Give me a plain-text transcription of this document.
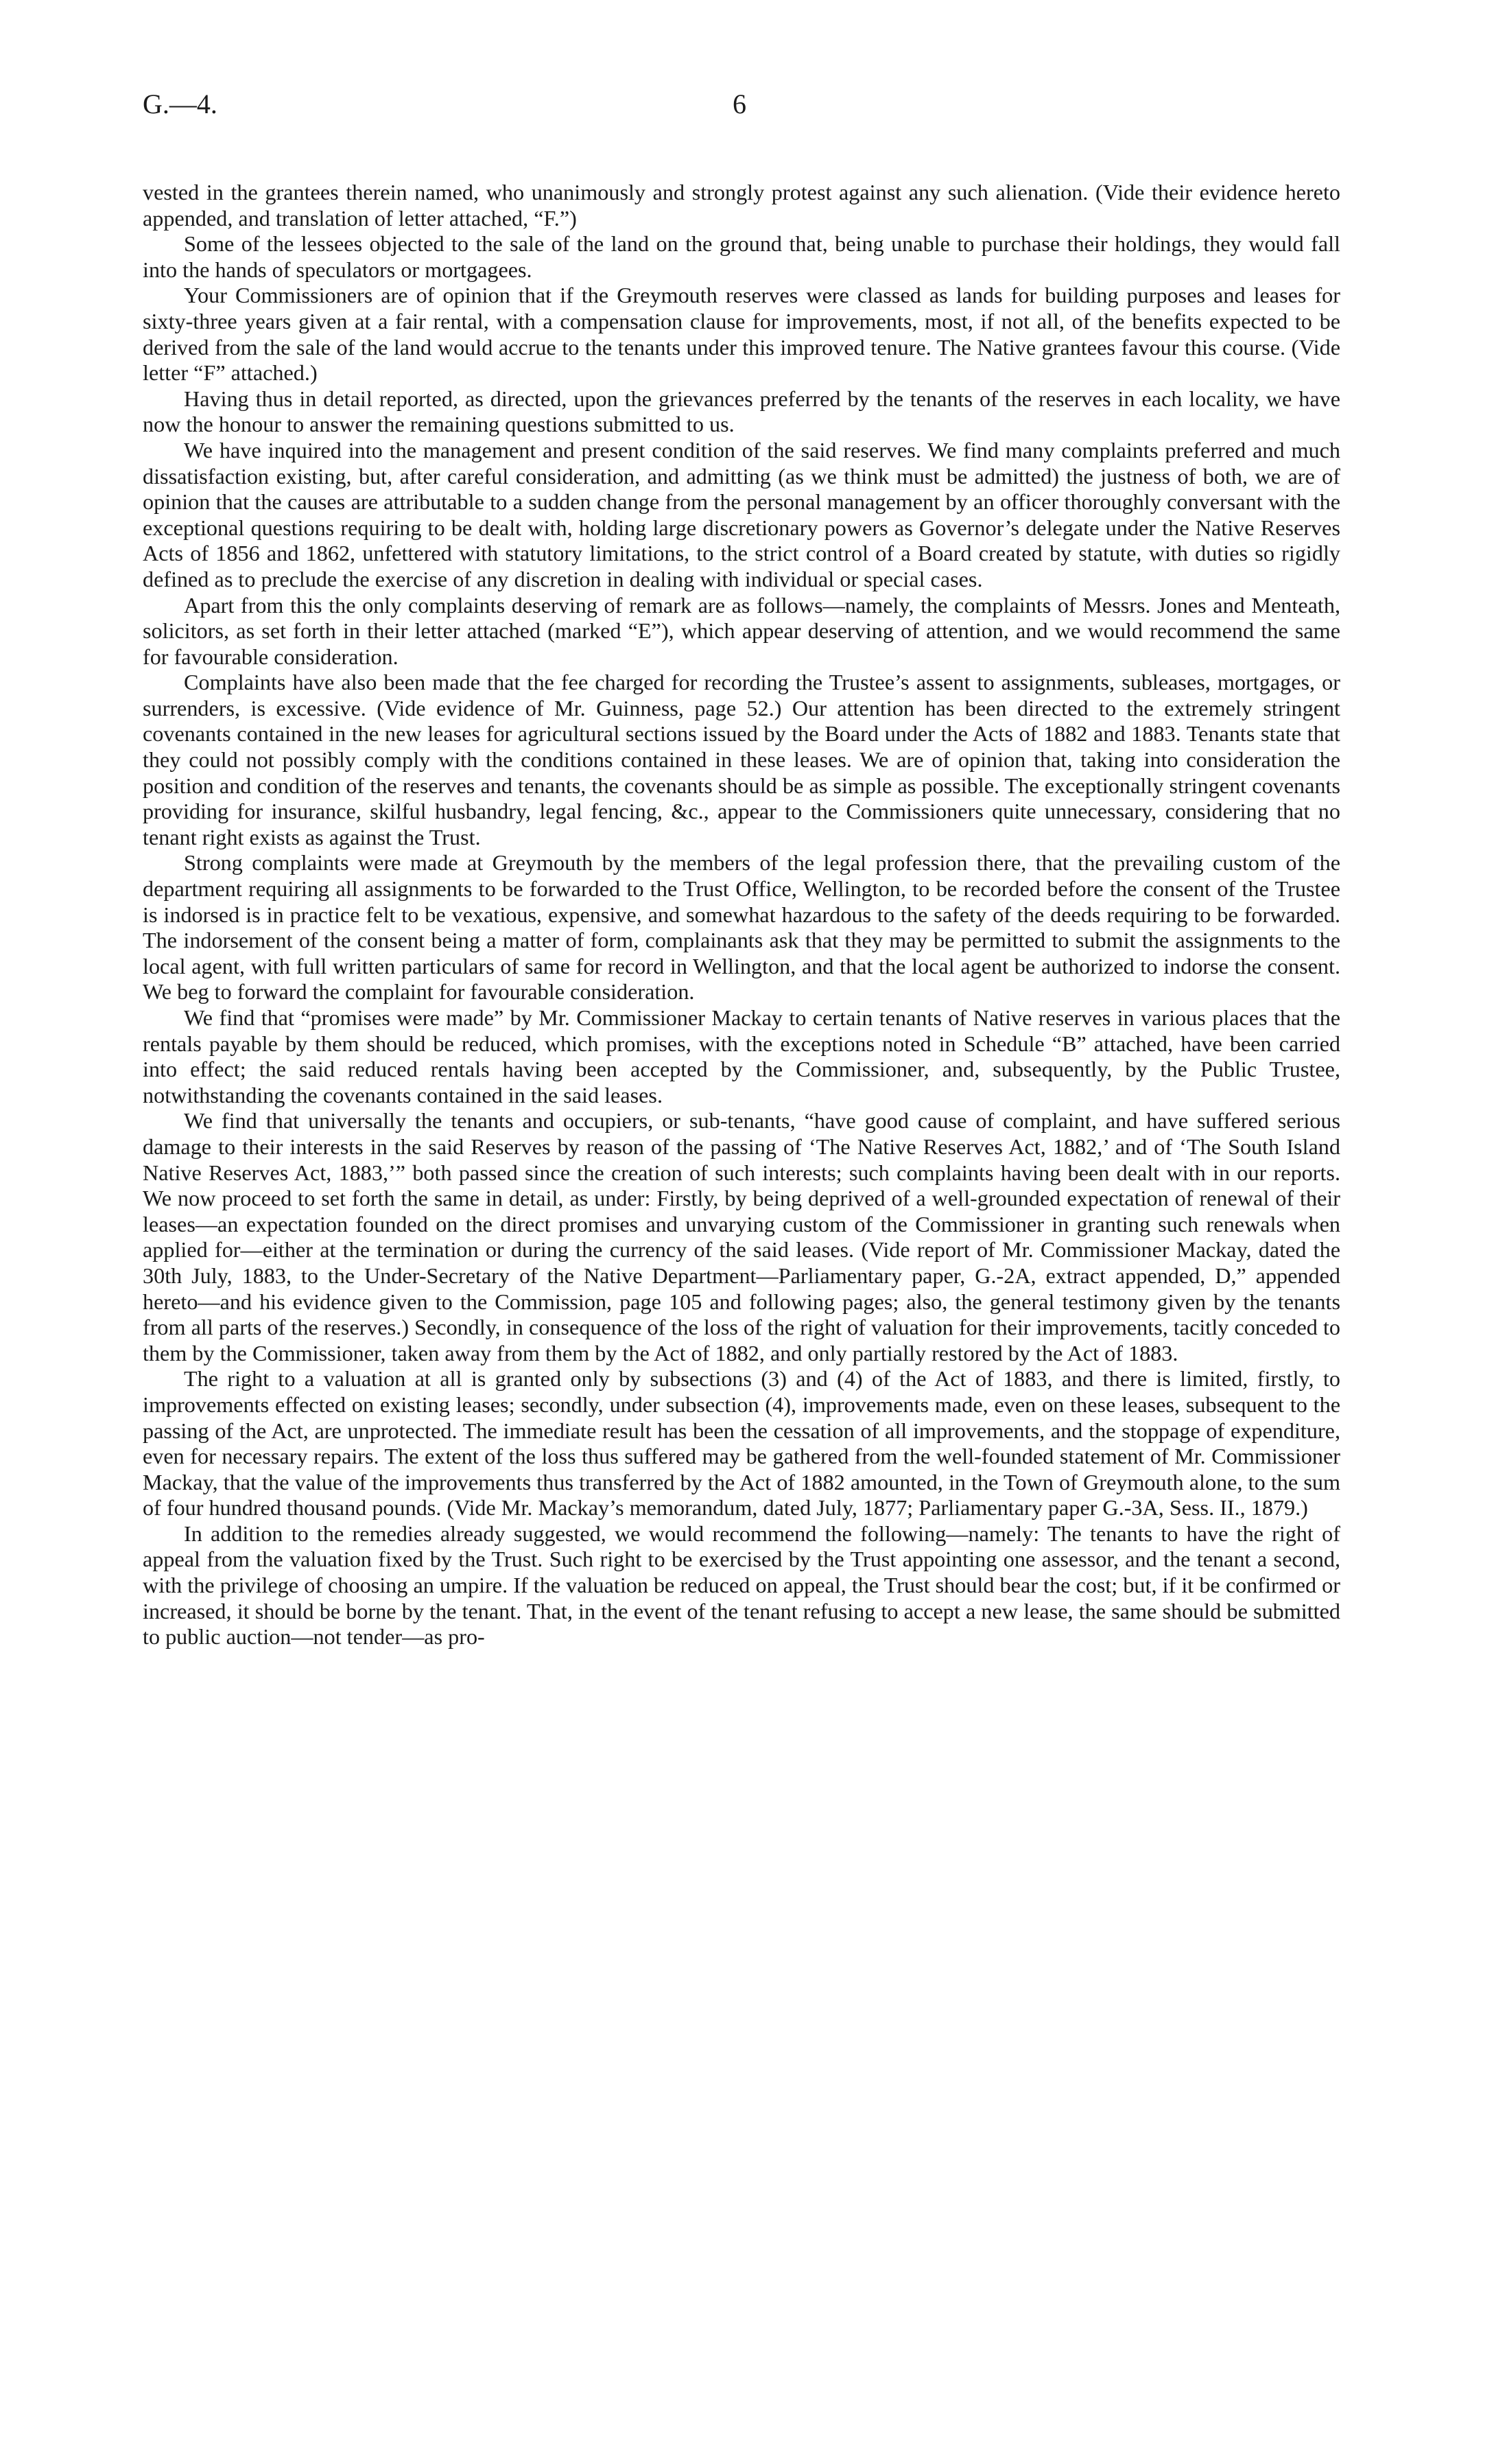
G.—4.	6

vested in the grantees therein named, who unanimously and strongly protest against any such alienation. (Vide their evidence hereto appended, and translation of letter attached, “F.”)

Some of the lessees objected to the sale of the land on the ground that, being unable to purchase their holdings, they would fall into the hands of speculators or mortgagees.

Your Commissioners are of opinion that if the Greymouth reserves were classed as lands for building purposes and leases for sixty-three years given at a fair rental, with a compensation clause for improvements, most, if not all, of the benefits expected to be derived from the sale of the land would accrue to the tenants under this improved tenure. The Native grantees favour this course. (Vide letter “F” attached.)

Having thus in detail reported, as directed, upon the grievances preferred by the tenants of the reserves in each locality, we have now the honour to answer the remaining questions submitted to us.

We have inquired into the management and present condition of the said reserves. We find many complaints preferred and much dissatisfaction existing, but, after careful consideration, and admitting (as we think must be admitted) the justness of both, we are of opinion that the causes are attributable to a sudden change from the personal management by an officer thoroughly conversant with the exceptional questions requiring to be dealt with, holding large discretionary powers as Governor’s delegate under the Native Reserves Acts of 1856 and 1862, unfettered with statutory limitations, to the strict control of a Board created by statute, with duties so rigidly defined as to preclude the exercise of any discretion in dealing with individual or special cases.

Apart from this the only complaints deserving of remark are as follows—namely, the complaints of Messrs. Jones and Menteath, solicitors, as set forth in their letter attached (marked “E”), which appear deserving of attention, and we would recommend the same for favourable consideration.

Complaints have also been made that the fee charged for recording the Trustee’s assent to assignments, subleases, mortgages, or surrenders, is excessive. (Vide evidence of Mr. Guinness, page 52.) Our attention has been directed to the extremely stringent covenants contained in the new leases for agricultural sections issued by the Board under the Acts of 1882 and 1883. Tenants state that they could not possibly comply with the conditions contained in these leases. We are of opinion that, taking into consideration the position and condition of the reserves and tenants, the covenants should be as simple as possible. The exceptionally stringent covenants providing for insurance, skilful husbandry, legal fencing, &c., appear to the Commissioners quite unnecessary, considering that no tenant right exists as against the Trust.

Strong complaints were made at Greymouth by the members of the legal profession there, that the prevailing custom of the department requiring all assignments to be forwarded to the Trust Office, Wellington, to be recorded before the consent of the Trustee is indorsed is in practice felt to be vexatious, expensive, and somewhat hazardous to the safety of the deeds requiring to be forwarded. The indorsement of the consent being a matter of form, complainants ask that they may be permitted to submit the assignments to the local agent, with full written particulars of same for record in Wellington, and that the local agent be authorized to indorse the consent. We beg to forward the complaint for favourable consideration.

We find that “promises were made” by Mr. Commissioner Mackay to certain tenants of Native reserves in various places that the rentals payable by them should be reduced, which promises, with the exceptions noted in Schedule “B” attached, have been carried into effect; the said reduced rentals having been accepted by the Commissioner, and, subsequently, by the Public Trustee, notwithstanding the covenants contained in the said leases.

We find that universally the tenants and occupiers, or sub-tenants, “have good cause of complaint, and have suffered serious damage to their interests in the said Reserves by reason of the passing of ‘The Native Reserves Act, 1882,’ and of ‘The South Island Native Reserves Act, 1883,’” both passed since the creation of such interests; such complaints having been dealt with in our reports. We now proceed to set forth the same in detail, as under: Firstly, by being deprived of a well-grounded expectation of renewal of their leases—an expectation founded on the direct promises and unvarying custom of the Commissioner in granting such renewals when applied for—either at the termination or during the currency of the said leases. (Vide report of Mr. Commissioner Mackay, dated the 30th July, 1883, to the Under-Secretary of the Native Department—Parliamentary paper, G.-2A, extract appended, D,” appended hereto—and his evidence given to the Commission, page 105 and following pages; also, the general testimony given by the tenants from all parts of the reserves.) Secondly, in consequence of the loss of the right of valuation for their improvements, tacitly conceded to them by the Commissioner, taken away from them by the Act of 1882, and only partially restored by the Act of 1883.

The right to a valuation at all is granted only by subsections (3) and (4) of the Act of 1883, and there is limited, firstly, to improvements effected on existing leases; secondly, under subsection (4), improvements made, even on these leases, subsequent to the passing of the Act, are unprotected. The immediate result has been the cessation of all improvements, and the stoppage of expenditure, even for necessary repairs. The extent of the loss thus suffered may be gathered from the well-founded statement of Mr. Commissioner Mackay, that the value of the improvements thus transferred by the Act of 1882 amounted, in the Town of Greymouth alone, to the sum of four hundred thousand pounds. (Vide Mr. Mackay’s memorandum, dated July, 1877; Parliamentary paper G.-3A, Sess. II., 1879.)

In addition to the remedies already suggested, we would recommend the following—namely: The tenants to have the right of appeal from the valuation fixed by the Trust. Such right to be exercised by the Trust appointing one assessor, and the tenant a second, with the privilege of choosing an umpire. If the valuation be reduced on appeal, the Trust should bear the cost; but, if it be confirmed or increased, it should be borne by the tenant. That, in the event of the tenant refusing to accept a new lease, the same should be submitted to public auction—not tender—as pro-
